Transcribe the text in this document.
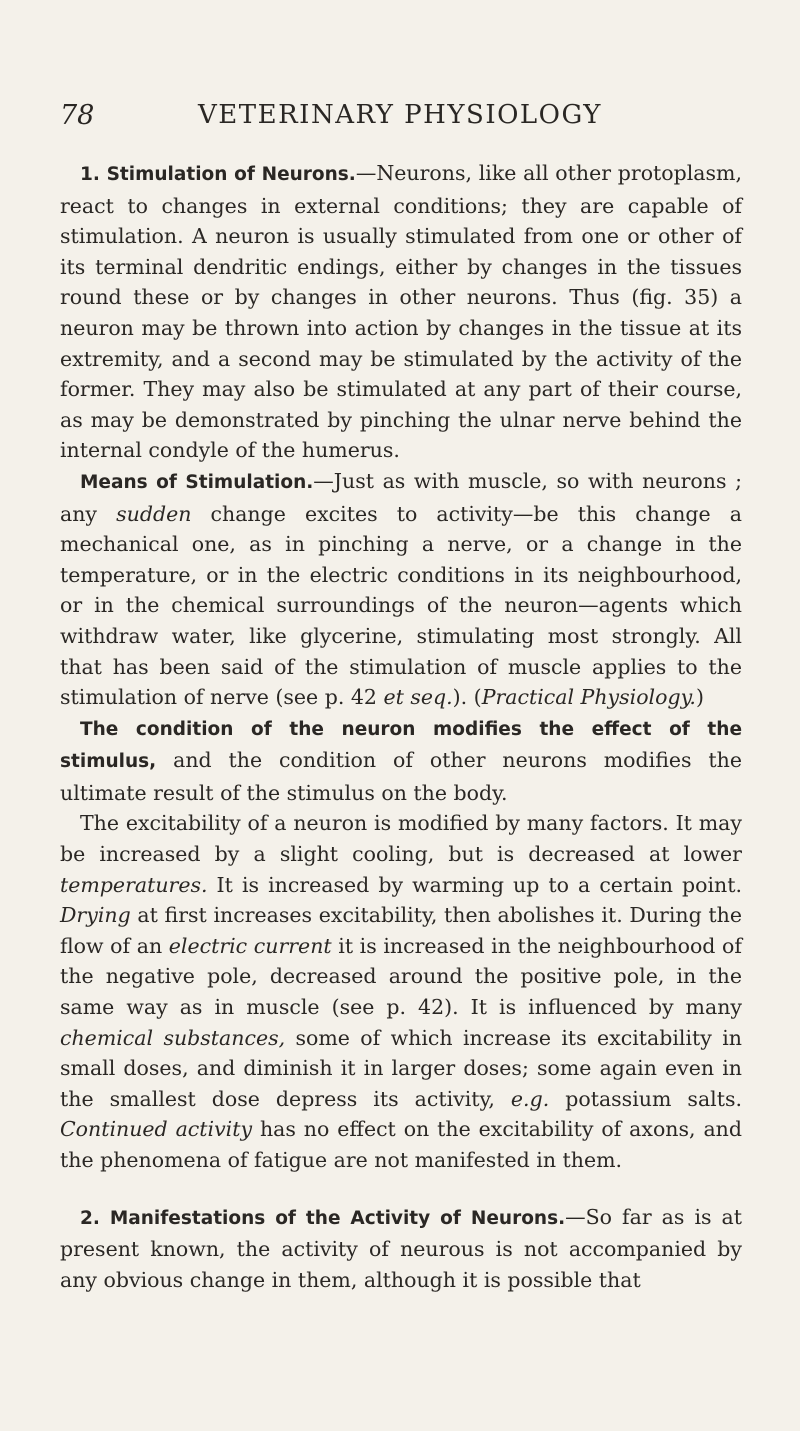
78	VETERINARY PHYSIOLOGY

1. Stimulation of Neurons.—Neurons, like all other protoplasm, react to changes in external conditions; they are capable of stimulation. A neuron is usually stimulated from one or other of its terminal dendritic endings, either by changes in the tissues round these or by changes in other neurons. Thus (fig. 35) a neuron may be thrown into action by changes in the tissue at its extremity, and a second may be stimulated by the activity of the former. They may also be stimulated at any part of their course, as may be demonstrated by pinching the ulnar nerve behind the internal condyle of the humerus.

Means of Stimulation.—Just as with muscle, so with neurons ; any sudden change excites to activity—be this change a mechanical one, as in pinching a nerve, or a change in the temperature, or in the electric conditions in its neighbourhood, or in the chemical surroundings of the neuron—agents which withdraw water, like glycerine, stimulating most strongly. All that has been said of the stimulation of muscle applies to the stimulation of nerve (see p. 42 et seq.). (Practical Physiology.)

The condition of the neuron modifies the effect of the stimulus, and the condition of other neurons modifies the ultimate result of the stimulus on the body.

The excitability of a neuron is modified by many factors. It may be increased by a slight cooling, but is decreased at lower temperatures. It is increased by warming up to a certain point. Drying at first increases excitability, then abolishes it. During the flow of an electric current it is increased in the neighbourhood of the negative pole, decreased around the positive pole, in the same way as in muscle (see p. 42). It is influenced by many chemical substances, some of which increase its excitability in small doses, and diminish it in larger doses; some again even in the smallest dose depress its activity, e.g. potassium salts. Continued activity has no effect on the excitability of axons, and the phenomena of fatigue are not manifested in them.

2. Manifestations of the Activity of Neurons.—So far as is at present known, the activity of neurous is not accompanied by any obvious change in them, although it is possible that
